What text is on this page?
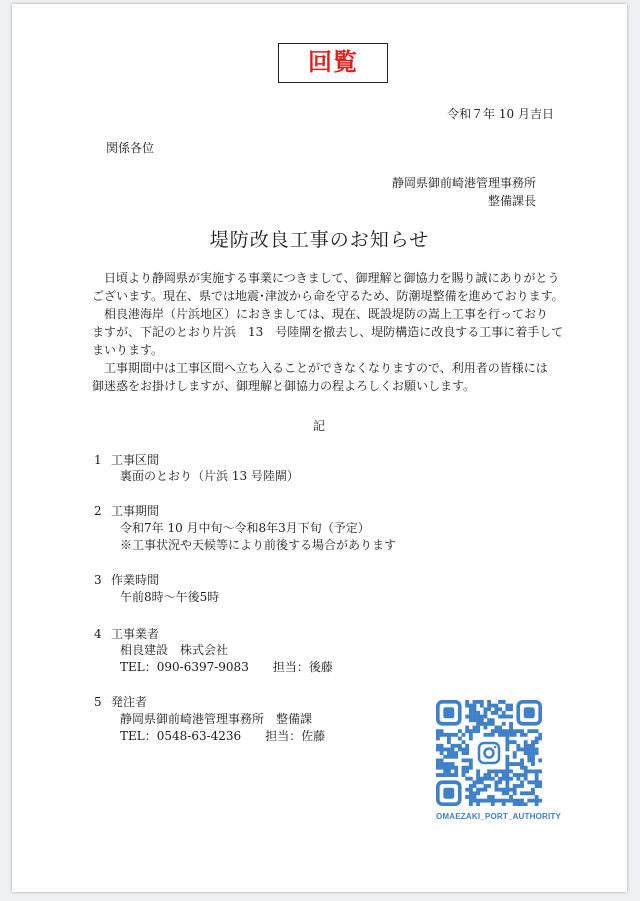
回覧
令和７年 10 月吉日
関係各位
静岡県御前崎港管理事務所
整備課長
堤防改良工事のお知らせ

　日頃より静岡県が実施する事業につきまして、御理解と御協力を賜り誠にありがとう

ございます。現在、県では地震･津波から命を守るため、防潮堤整備を進めております。

　相良港海岸（片浜地区）におきましては、現在、既設堤防の嵩上工事を行っており

ますが、下記のとおり片浜　13　号陸閘を撤去し、堤防構造に改良する工事に着手して

まいります。

　工事期間中は工事区間へ立ち入ることができなくなりますので、利用者の皆様には

御迷惑をお掛けしますが、御理解と御協力の程よろしくお願いします。

記
1 工事区間
裏面のとおり（片浜 13 号陸閘）
2 工事期間
令和7年 10 月中旬～令和8年3月下旬（予定）
※工事状況や天候等により前後する場合があります
3 作業時間
午前8時～午後5時
4 工事業者
相良建設　株式会社
TEL：090-6397-9083　　担当：後藤
5 発注者
静岡県御前崎港管理事務所　整備課
TEL：0548-63-4236　　担当：佐藤
OMAEZAKI_PORT_AUTHORITY
